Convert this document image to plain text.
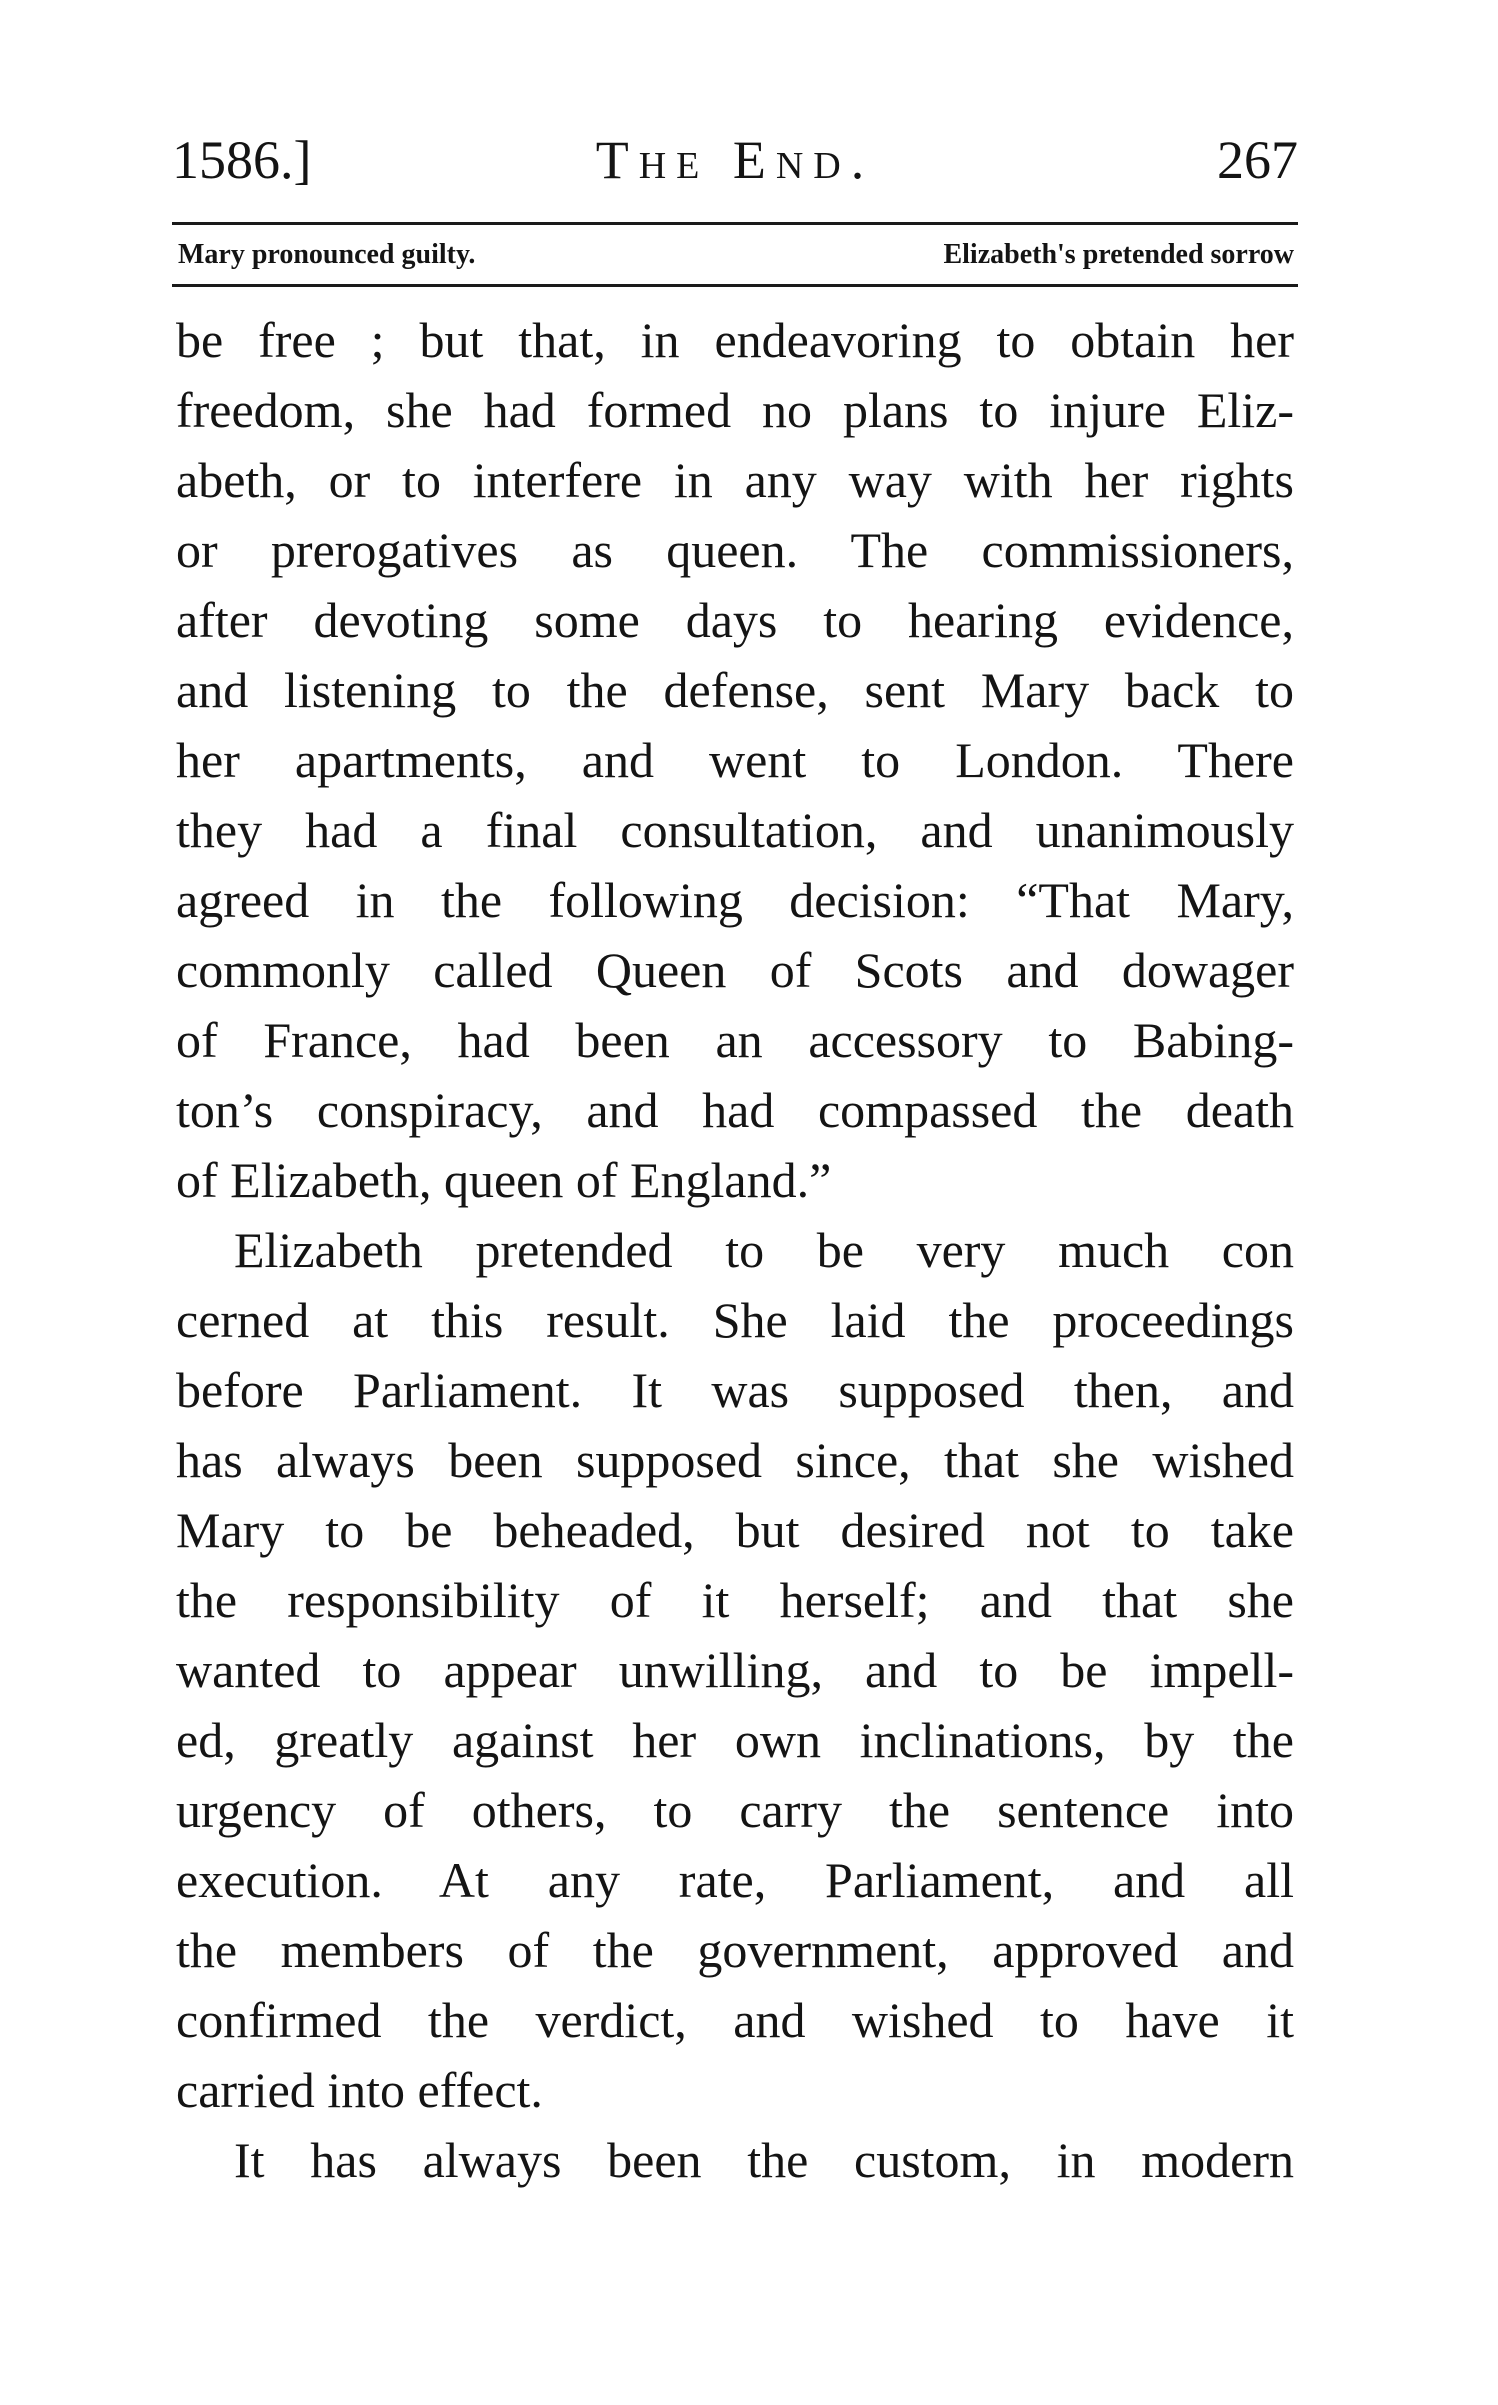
1586.]	The End.	267
Mary pronounced guilty.	Elizabeth's pretended sorrow
be free ; but that, in endeavoring to obtain her
freedom, she had formed no plans to injure Eliz-
abeth, or to interfere in any way with her rights
or prerogatives as queen. The commissioners,
after devoting some days to hearing evidence,
and listening to the defense, sent Mary back to
her apartments, and went to London. There
they had a final consultation, and unanimously
agreed in the following decision: “That Mary,
commonly called Queen of Scots and dowager
of France, had been an accessory to Babing-
ton’s conspiracy, and had compassed the death
of Elizabeth, queen of England.”
Elizabeth pretended to be very much con
cerned at this result. She laid the proceedings
before Parliament. It was supposed then, and
has always been supposed since, that she wished
Mary to be beheaded, but desired not to take
the responsibility of it herself; and that she
wanted to appear unwilling, and to be impell-
ed, greatly against her own inclinations, by the
urgency of others, to carry the sentence into
execution. At any rate, Parliament, and all
the members of the government, approved and
confirmed the verdict, and wished to have it
carried into effect.
It has always been the custom, in modern
